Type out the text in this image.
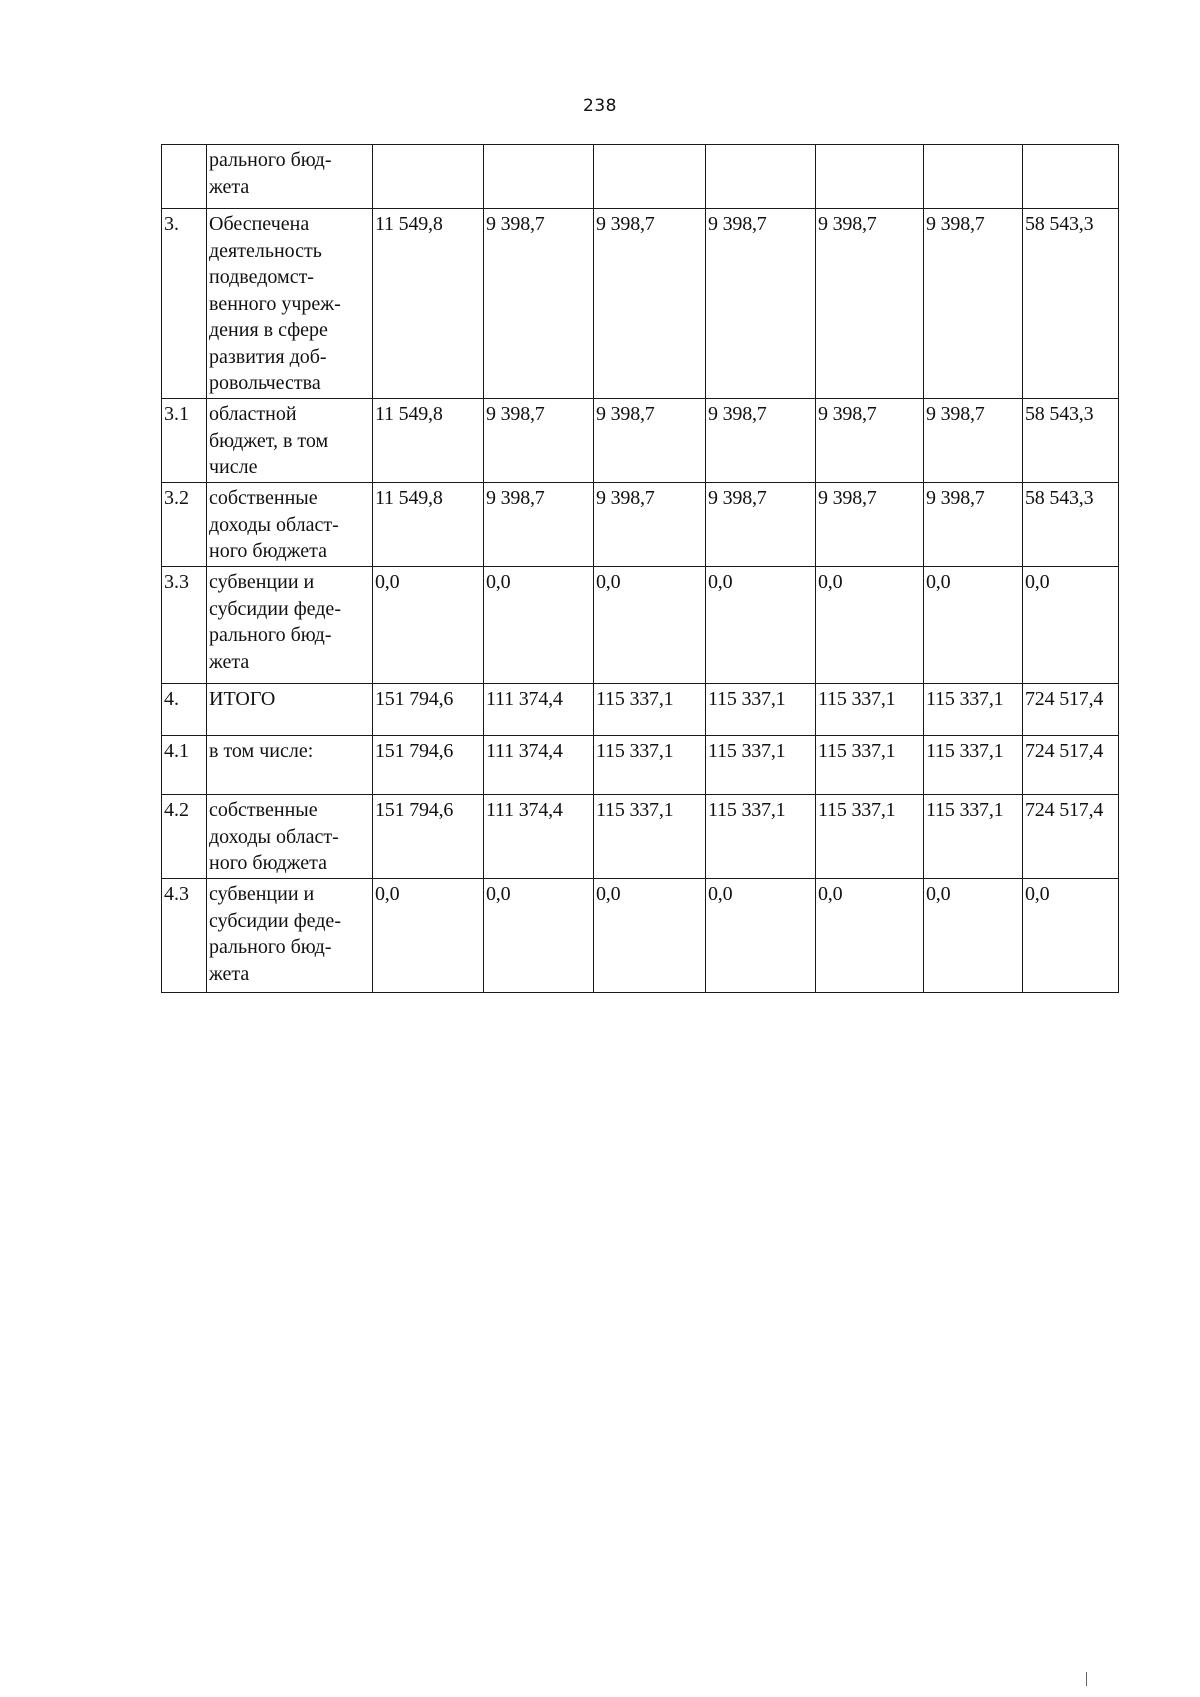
238
	рального бюд-жета							
3.	Обеспечена деятельность подведомст-венного учреж-дения в сфере развития доб-ровольчества	11 549,8	9 398,7	9 398,7	9 398,7	9 398,7	9 398,7	58 543,3
3.1	областной бюджет, в том числе	11 549,8	9 398,7	9 398,7	9 398,7	9 398,7	9 398,7	58 543,3
3.2	собственные доходы област-ного бюджета	11 549,8	9 398,7	9 398,7	9 398,7	9 398,7	9 398,7	58 543,3
3.3	субвенции и субсидии феде-рального бюд-жета	0,0	0,0	0,0	0,0	0,0	0,0	0,0
4.	ИТОГО	151 794,6	111 374,4	115 337,1	115 337,1	115 337,1	115 337,1	724 517,4
4.1	в том числе:	151 794,6	111 374,4	115 337,1	115 337,1	115 337,1	115 337,1	724 517,4
4.2	собственные доходы област-ного бюджета	151 794,6	111 374,4	115 337,1	115 337,1	115 337,1	115 337,1	724 517,4
4.3	субвенции и субсидии феде-рального бюд-жета	0,0	0,0	0,0	0,0	0,0	0,0	0,0
